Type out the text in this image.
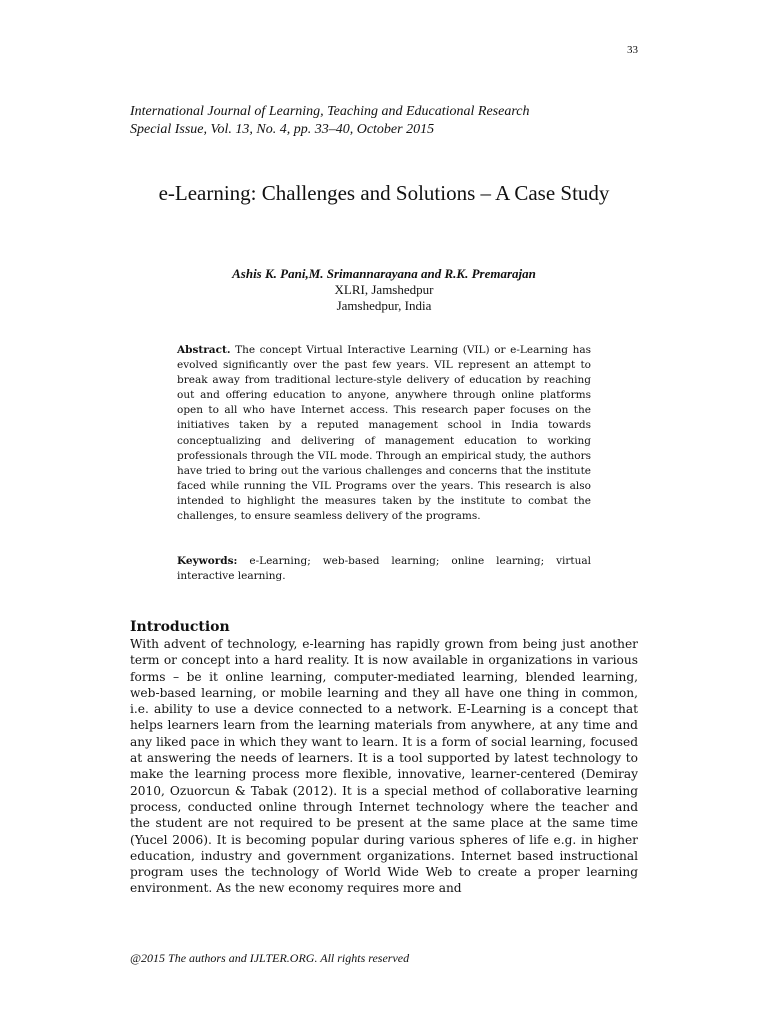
33
International Journal of Learning, Teaching and Educational Research
Special Issue, Vol. 13, No. 4, pp. 33–40, October 2015
e-Learning: Challenges and Solutions – A Case Study
Ashis K. Pani,M. Srimannarayana and R.K. Premarajan
XLRI, Jamshedpur
Jamshedpur, India

Abstract. The concept Virtual Interactive Learning (VIL) or e-Learning has evolved significantly over the past few years. VIL represent an attempt to break away from traditional lecture-style delivery of education by reaching out and offering education to anyone, anywhere through online platforms open to all who have Internet access. This research paper focuses on the initiatives taken by a reputed management school in India towards conceptualizing and delivering of management education to working professionals through the VIL mode. Through an empirical study, the authors have tried to bring out the various challenges and concerns that the institute faced while running the VIL Programs over the years. This research is also intended to highlight the measures taken by the institute to combat the challenges, to ensure seamless delivery of the programs.

Keywords: e-Learning; web-based learning; online learning; virtual interactive learning.
Introduction

With advent of technology, e-learning has rapidly grown from being just another term or concept into a hard reality. It is now available in organizations in various forms – be it online learning, computer-mediated learning, blended learning, web-based learning, or mobile learning and they all have one thing in common, i.e. ability to use a device connected to a network. E-Learning is a concept that helps learners learn from the learning materials from anywhere, at any time and any liked pace in which they want to learn. It is a form of social learning, focused at answering the needs of learners. It is a tool supported by latest technology to make the learning process more flexible, innovative, learner-centered (Demiray 2010, Ozuorcun & Tabak (2012). It is a special method of collaborative learning process, conducted online through Internet technology where the teacher and the student are not required to be present at the same place at the same time (Yucel 2006). It is becoming popular during various spheres of life e.g. in higher education, industry and government organizations. Internet based instructional program uses the technology of World Wide Web to create a proper learning environment. As the new economy requires more and

@2015 The authors and IJLTER.ORG. All rights reserved
